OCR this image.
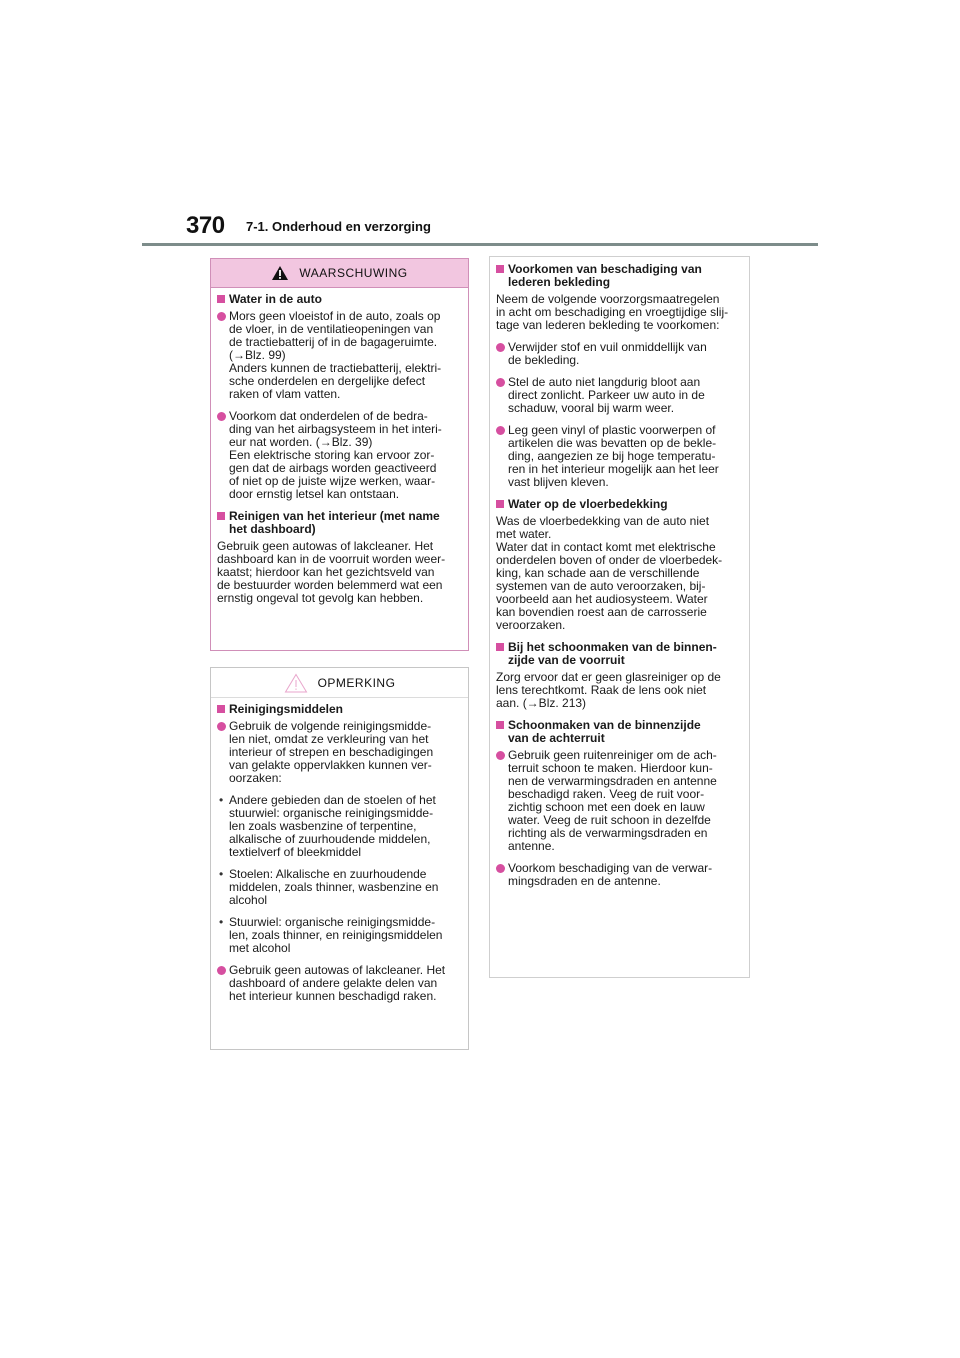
370 7-1. Onderhoud en verzorging
WAARSCHUWING
Water in de auto
Mors geen vloeistof in de auto, zoals op
de vloer, in de ventilatieopeningen van
de tractiebatterij of in de bagageruimte.
(→Blz. 99)
Anders kunnen de tractiebatterij, elektri-
sche onderdelen en dergelijke defect
raken of vlam vatten.
Voorkom dat onderdelen of de bedra-
ding van het airbagsysteem in het interi-
eur nat worden. (→Blz. 39)
Een elektrische storing kan ervoor zor-
gen dat de airbags worden geactiveerd
of niet op de juiste wijze werken, waar-
door ernstig letsel kan ontstaan.
Reinigen van het interieur (met name
het dashboard)
Gebruik geen autowas of lakcleaner. Het
dashboard kan in de voorruit worden weer-
kaatst; hierdoor kan het gezichtsveld van
de bestuurder worden belemmerd wat een
ernstig ongeval tot gevolg kan hebben.
OPMERKING
Reinigingsmiddelen
Gebruik de volgende reinigingsmidde-
len niet, omdat ze verkleuring van het
interieur of strepen en beschadigingen
van gelakte oppervlakken kunnen ver-
oorzaken:
• Andere gebieden dan de stoelen of het
stuurwiel: organische reinigingsmidde-
len zoals wasbenzine of terpentine,
alkalische of zuurhoudende middelen,
textielverf of bleekmiddel
• Stoelen: Alkalische en zuurhoudende
middelen, zoals thinner, wasbenzine en
alcohol
• Stuurwiel: organische reinigingsmidde-
len, zoals thinner, en reinigingsmiddelen
met alcohol
Gebruik geen autowas of lakcleaner. Het
dashboard of andere gelakte delen van
het interieur kunnen beschadigd raken.
Voorkomen van beschadiging van
lederen bekleding
Neem de volgende voorzorgsmaatregelen
in acht om beschadiging en vroegtijdige slij-
tage van lederen bekleding te voorkomen:
Verwijder stof en vuil onmiddellijk van
de bekleding.
Stel de auto niet langdurig bloot aan
direct zonlicht. Parkeer uw auto in de
schaduw, vooral bij warm weer.
Leg geen vinyl of plastic voorwerpen of
artikelen die was bevatten op de bekle-
ding, aangezien ze bij hoge temperatu-
ren in het interieur mogelijk aan het leer
vast blijven kleven.
Water op de vloerbedekking
Was de vloerbedekking van de auto niet
met water.
Water dat in contact komt met elektrische
onderdelen boven of onder de vloerbedek-
king, kan schade aan de verschillende
systemen van de auto veroorzaken, bij-
voorbeeld aan het audiosysteem. Water
kan bovendien roest aan de carrosserie
veroorzaken.
Bij het schoonmaken van de binnen-
zijde van de voorruit
Zorg ervoor dat er geen glasreiniger op de
lens terechtkomt. Raak de lens ook niet
aan. (→Blz. 213)
Schoonmaken van de binnenzijde
van de achterruit
Gebruik geen ruitenreiniger om de ach-
terruit schoon te maken. Hierdoor kun-
nen de verwarmingsdraden en antenne
beschadigd raken. Veeg de ruit voor-
zichtig schoon met een doek en lauw
water. Veeg de ruit schoon in dezelfde
richting als de verwarmingsdraden en
antenne.
Voorkom beschadiging van de verwar-
mingsdraden en de antenne.
